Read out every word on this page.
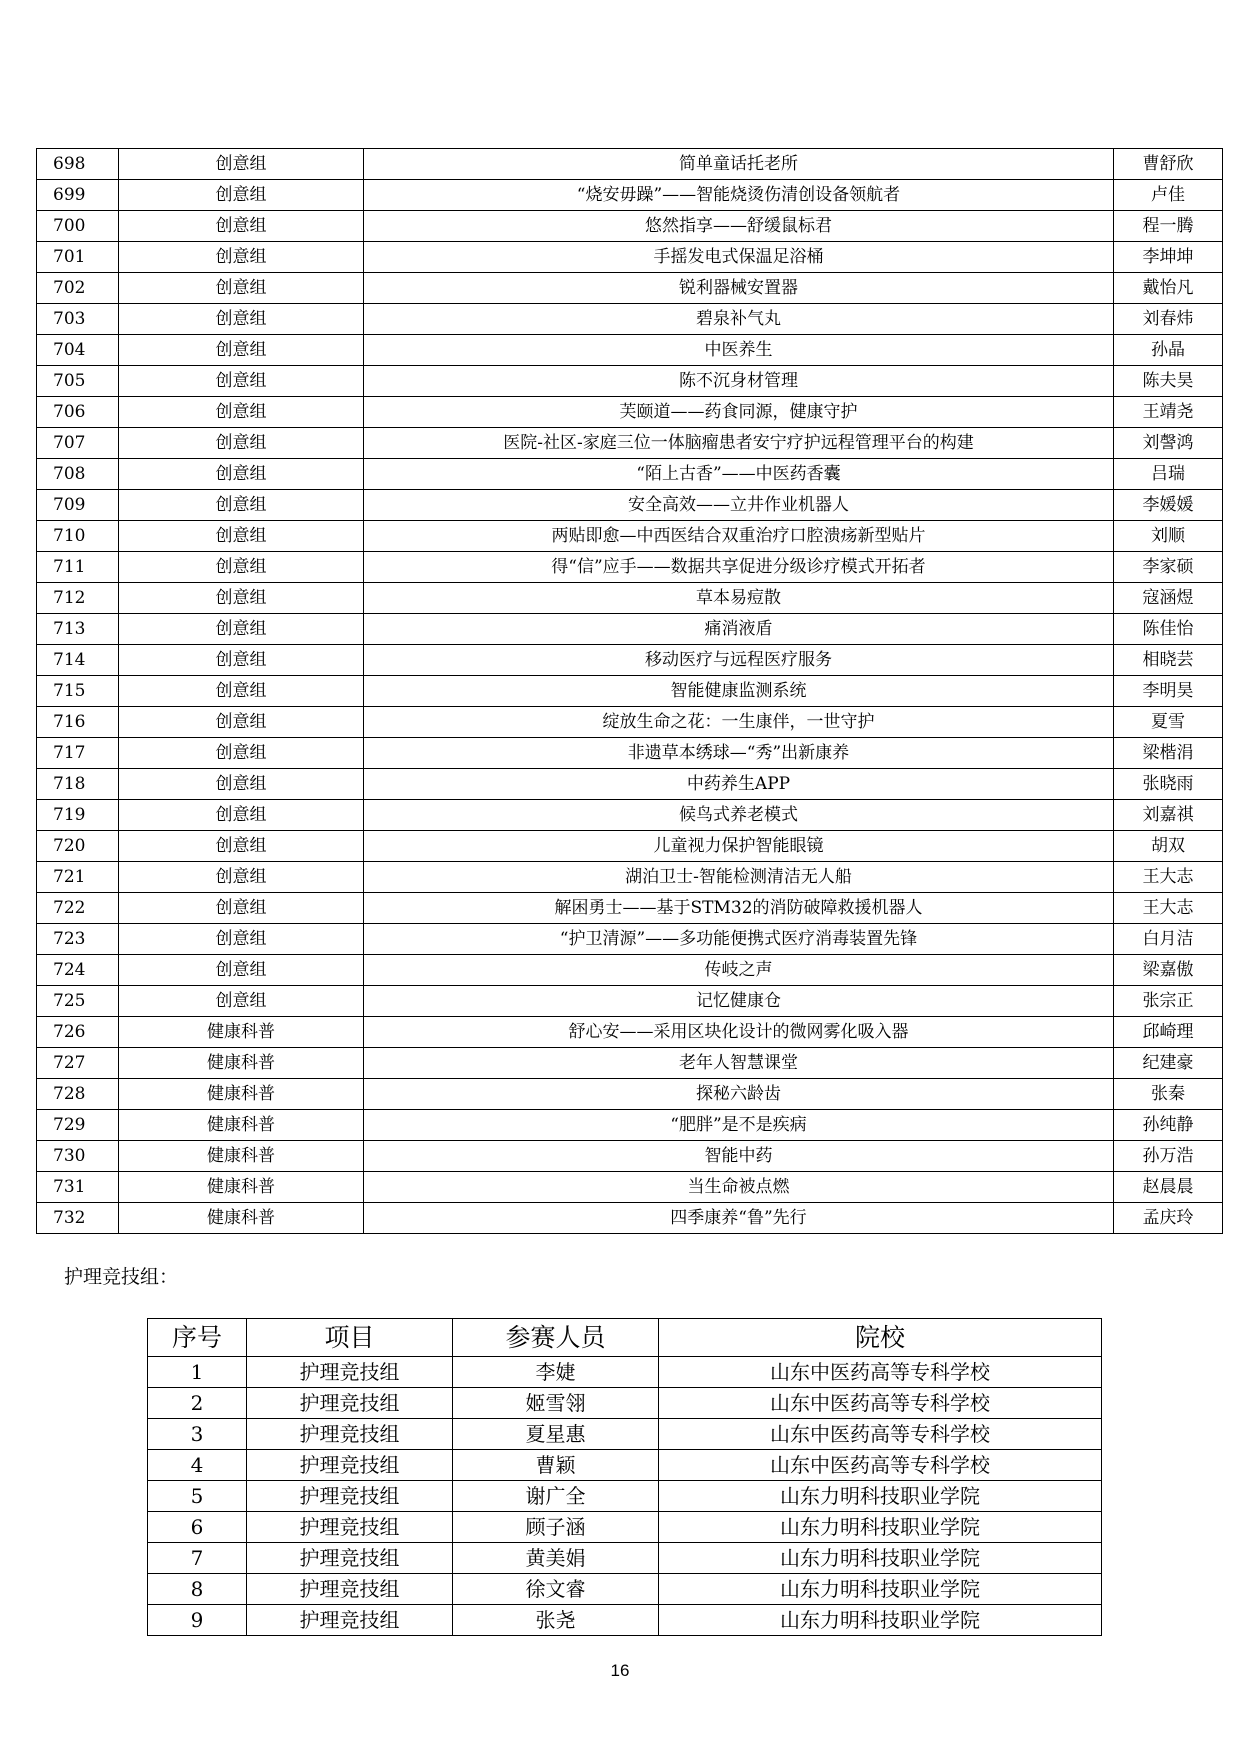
698	创意组	简单童话托老所	曹舒欣
699	创意组	“烧安毋躁”——智能烧烫伤清创设备领航者	卢佳
700	创意组	悠然指享——舒缓鼠标君	程一腾
701	创意组	手摇发电式保温足浴桶	李坤坤
702	创意组	锐利器械安置器	戴怡凡
703	创意组	碧泉补气丸	刘春炜
704	创意组	中医养生	孙晶
705	创意组	陈不沉身材管理	陈夫昊
706	创意组	芙颐道——药食同源，健康守护	王靖尧
707	创意组	医院-社区-家庭三位一体脑瘤患者安宁疗护远程管理平台的构建	刘謦鸿
708	创意组	“陌上古香”——中医药香囊	吕瑞
709	创意组	安全高效——立井作业机器人	李媛媛
710	创意组	两贴即愈—中西医结合双重治疗口腔溃疡新型贴片	刘顺
711	创意组	得“信”应手——数据共享促进分级诊疗模式开拓者	李家硕
712	创意组	草本易痘散	寇涵煜
713	创意组	痛消液盾	陈佳怡
714	创意组	移动医疗与远程医疗服务	相晓芸
715	创意组	智能健康监测系统	李明昊
716	创意组	绽放生命之花：一生康伴，一世守护	夏雪
717	创意组	非遗草本绣球—“秀”出新康养	梁楷涓
718	创意组	中药养生APP	张晓雨
719	创意组	候鸟式养老模式	刘嘉祺
720	创意组	儿童视力保护智能眼镜	胡双
721	创意组	湖泊卫士-智能检测清洁无人船	王大志
722	创意组	解困勇士——基于STM32的消防破障救援机器人	王大志
723	创意组	“护卫清源”——多功能便携式医疗消毒装置先锋	白月洁
724	创意组	传岐之声	梁嘉傲
725	创意组	记忆健康仓	张宗正
726	健康科普	舒心安——采用区块化设计的微网雾化吸入器	邱崎理
727	健康科普	老年人智慧课堂	纪建豪
728	健康科普	探秘六龄齿	张秦
729	健康科普	“肥胖”是不是疾病	孙纯静
730	健康科普	智能中药	孙万浩
731	健康科普	当生命被点燃	赵晨晨
732	健康科普	四季康养“鲁”先行	孟庆玲
护理竞技组：
序号	项目	参赛人员	院校
1	护理竞技组	李婕	山东中医药高等专科学校
2	护理竞技组	姬雪翎	山东中医药高等专科学校
3	护理竞技组	夏星惠	山东中医药高等专科学校
4	护理竞技组	曹颖	山东中医药高等专科学校
5	护理竞技组	谢广全	山东力明科技职业学院
6	护理竞技组	顾子涵	山东力明科技职业学院
7	护理竞技组	黄美娟	山东力明科技职业学院
8	护理竞技组	徐文睿	山东力明科技职业学院
9	护理竞技组	张尧	山东力明科技职业学院
16
